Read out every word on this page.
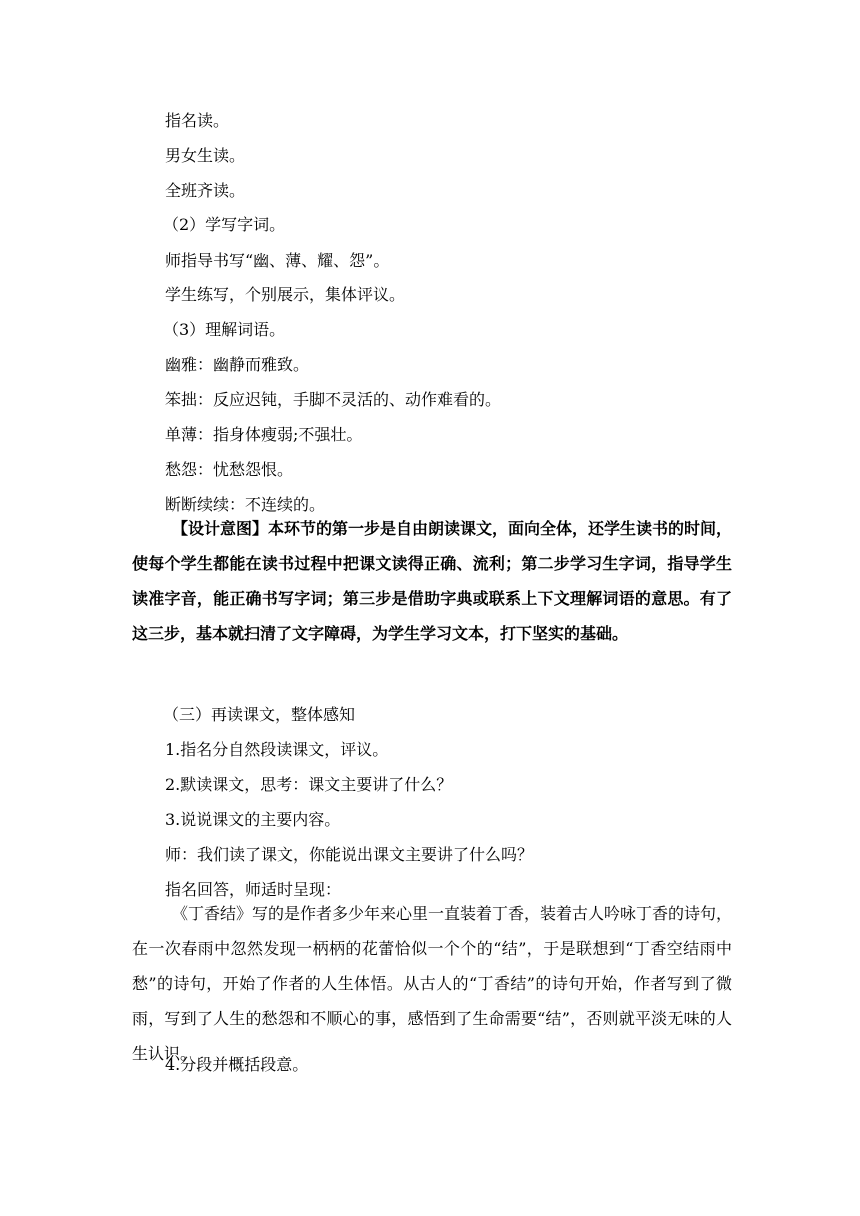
指名读。
男女生读。
全班齐读。
（2）学写字词。
师指导书写“幽、薄、耀、怨”。
学生练写，个别展示，集体评议。
（3）理解词语。
幽雅：幽静而雅致。
笨拙：反应迟钝，手脚不灵活的、动作难看的。
单薄：指身体瘦弱;不强壮。
愁怨：忧愁怨恨。
断断续续：不连续的。
【设计意图】本环节的第一步是自由朗读课文，面向全体，还学生读书的时间，使每个学生都能在读书过程中把课文读得正确、流利；第二步学习生字词，指导学生读准字音，能正确书写字词；第三步是借助字典或联系上下文理解词语的意思。有了这三步，基本就扫清了文字障碍，为学生学习文本，打下坚实的基础。
（三）再读课文，整体感知
1.指名分自然段读课文，评议。
2.默读课文，思考：课文主要讲了什么？
3.说说课文的主要内容。
师：我们读了课文，你能说出课文主要讲了什么吗？
指名回答，师适时呈现：
《丁香结》写的是作者多少年来心里一直装着丁香，装着古人吟咏丁香的诗句，在一次春雨中忽然发现一柄柄的花蕾恰似一个个的“结”，于是联想到“丁香空结雨中愁”的诗句，开始了作者的人生体悟。从古人的“丁香结”的诗句开始，作者写到了微雨，写到了人生的愁怨和不顺心的事，感悟到了生命需要“结”，否则就平淡无味的人生认识。
4.分段并概括段意。
